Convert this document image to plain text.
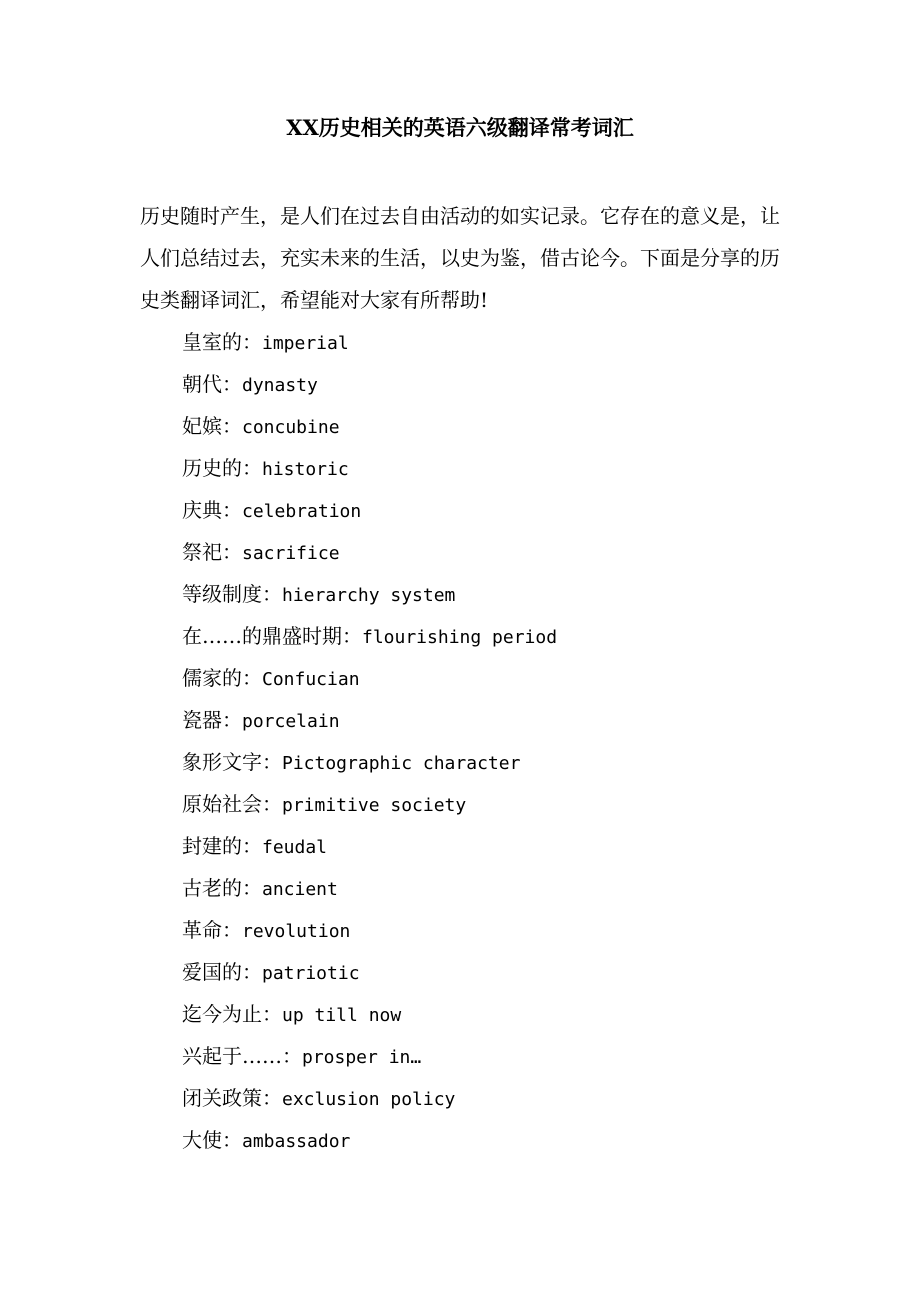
XX历史相关的英语六级翻译常考词汇

历史随时产生，是人们在过去自由活动的如实记录。它存在的意义是，让人们总结过去，充实未来的生活，以史为鉴，借古论今。下面是分享的历史类翻译词汇，希望能对大家有所帮助!

皇室的：imperial
朝代：dynasty
妃嫔：concubine
历史的：historic
庆典：celebration
祭祀：sacrifice
等级制度：hierarchy system
在……的鼎盛时期：flourishing period
儒家的：Confucian
瓷器：porcelain
象形文字：Pictographic character
原始社会：primitive society
封建的：feudal
古老的：ancient
革命：revolution
爱国的：patriotic
迄今为止：up till now
兴起于……：prosper in…
闭关政策：exclusion policy
大使：ambassador
